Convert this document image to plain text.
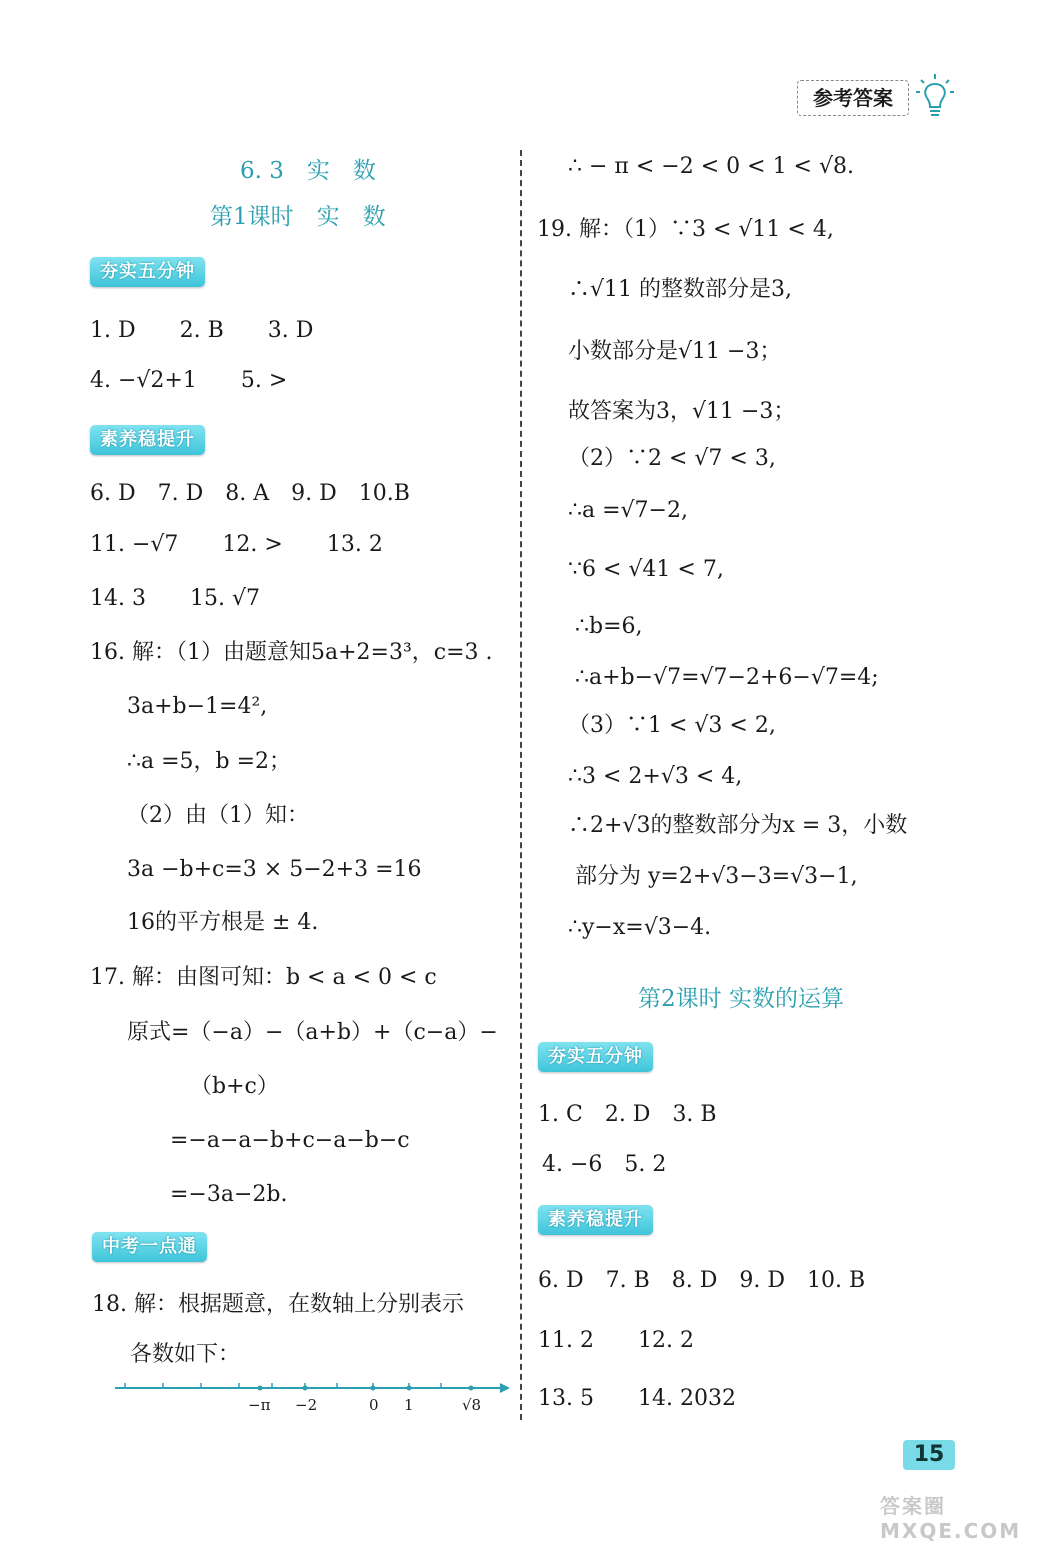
参考答案
6. 3　实　数
第1课时　实　数
夯实五分钟
1. D　　2. B　　3. D
4. −√2+1　　5. >
素养稳提升
6. D　7. D　8. A　9. D　10.B
11. −√7　　12. >　　13. 2
14. 3　　15. √7
16. 解：（1）由题意知5a+2=3³，c=3 .
3a+b−1=4²,
∴a =5，b =2；
（2）由（1）知：
3a −b+c=3 × 5−2+3 =16
16的平方根是 ± 4.
17. 解：由图可知：b < a < 0 < c
原式=（−a）−（a+b）+（c−a）−
（b+c）
=−a−a−b+c−a−b−c
=−3a−2b.
中考一点通
18. 解：根据题意，在数轴上分别表示
各数如下：
−π −2	0 1	√8
∴ − π < −2 < 0 < 1 < √8.
19. 解：（1）∵3 < √11 < 4,
∴√11 的整数部分是3,
小数部分是√11 −3；
故答案为3，√11 −3；
（2）∵2 < √7 < 3,
∴a =√7−2,
∵6 < √41 < 7,
∴b=6,
∴a+b−√7=√7−2+6−√7=4;
（3）∵1 < √3 < 2,
∴3 < 2+√3 < 4,
∴2+√3的整数部分为x = 3，小数
部分为 y=2+√3−3=√3−1,
∴y−x=√3−4.
第2课时 实数的运算
夯实五分钟
1. C　2. D　3. B
4. −6　5. 2
素养稳提升
6. D　7. B　8. D　9. D　10. B
11. 2　　12. 2
13. 5　　14. 2032
15
答案圈 MXQE.COM
